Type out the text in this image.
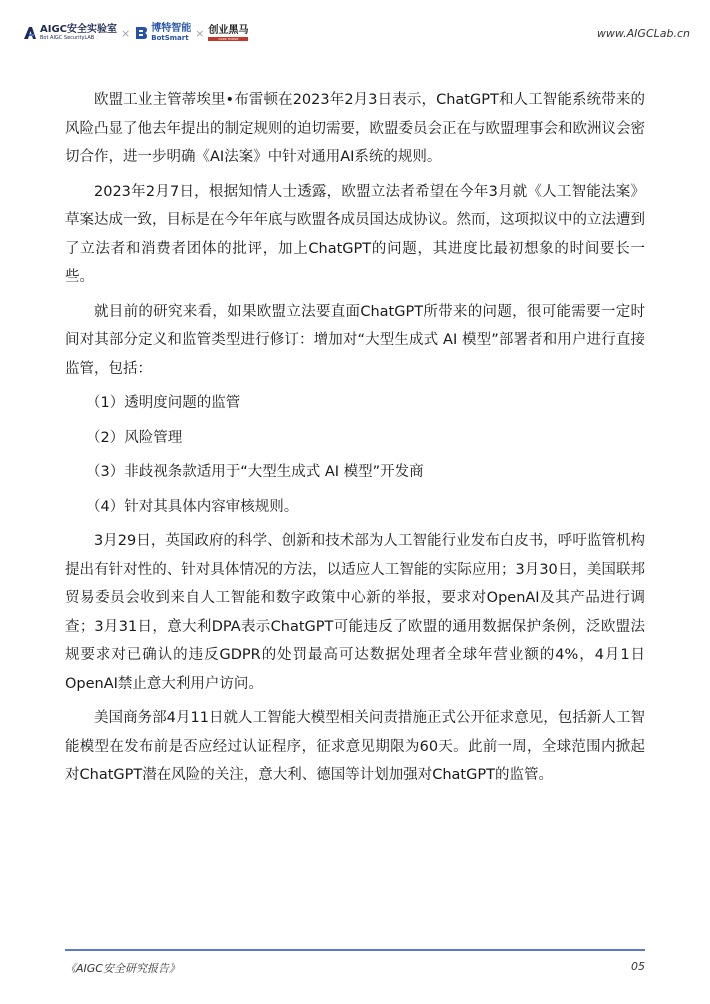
AIGC安全实验室
Bot AIGC SecurityLAB	× 博特智能
BotSmart × 创业黑马
DARK HORSE	www.AIGCLab.cn

欧盟工业主管蒂埃里•布雷顿在2023年2月3日表示，ChatGPT和人工智能系统带来的风险凸显了他去年提出的制定规则的迫切需要，欧盟委员会正在与欧盟理事会和欧洲议会密切合作，进一步明确《AI法案》中针对通用AI系统的规则。

2023年2月7日，根据知情人士透露，欧盟立法者希望在今年3月就《人工智能法案》草案达成一致，目标是在今年年底与欧盟各成员国达成协议。然而，这项拟议中的立法遭到了立法者和消费者团体的批评，加上ChatGPT的问题，其进度比最初想象的时间要长一些。

就目前的研究来看，如果欧盟立法要直面ChatGPT所带来的问题，很可能需要一定时间对其部分定义和监管类型进行修订：增加对“大型生成式 AI 模型”部署者和用户进行直接监管，包括：

（1）透明度问题的监管

（2）风险管理

（3）非歧视条款适用于“大型生成式 AI 模型”开发商

（4）针对其具体内容审核规则。

3月29日，英国政府的科学、创新和技术部为人工智能行业发布白皮书，呼吁监管机构提出有针对性的、针对具体情况的方法，以适应人工智能的实际应用；3月30日，美国联邦贸易委员会收到来自人工智能和数字政策中心新的举报，要求对OpenAI及其产品进行调查；3月31日，意大利DPA表示ChatGPT可能违反了欧盟的通用数据保护条例，泛欧盟法规要求对已确认的违反GDPR的处罚最高可达数据处理者全球年营业额的4%，4月1日OpenAI禁止意大利用户访问。

美国商务部4月11日就人工智能大模型相关问责措施正式公开征求意见，包括新人工智能模型在发布前是否应经过认证程序，征求意见期限为60天。此前一周，全球范围内掀起对ChatGPT潜在风险的关注，意大利、德国等计划加强对ChatGPT的监管。

《AIGC安全研究报告》	05
